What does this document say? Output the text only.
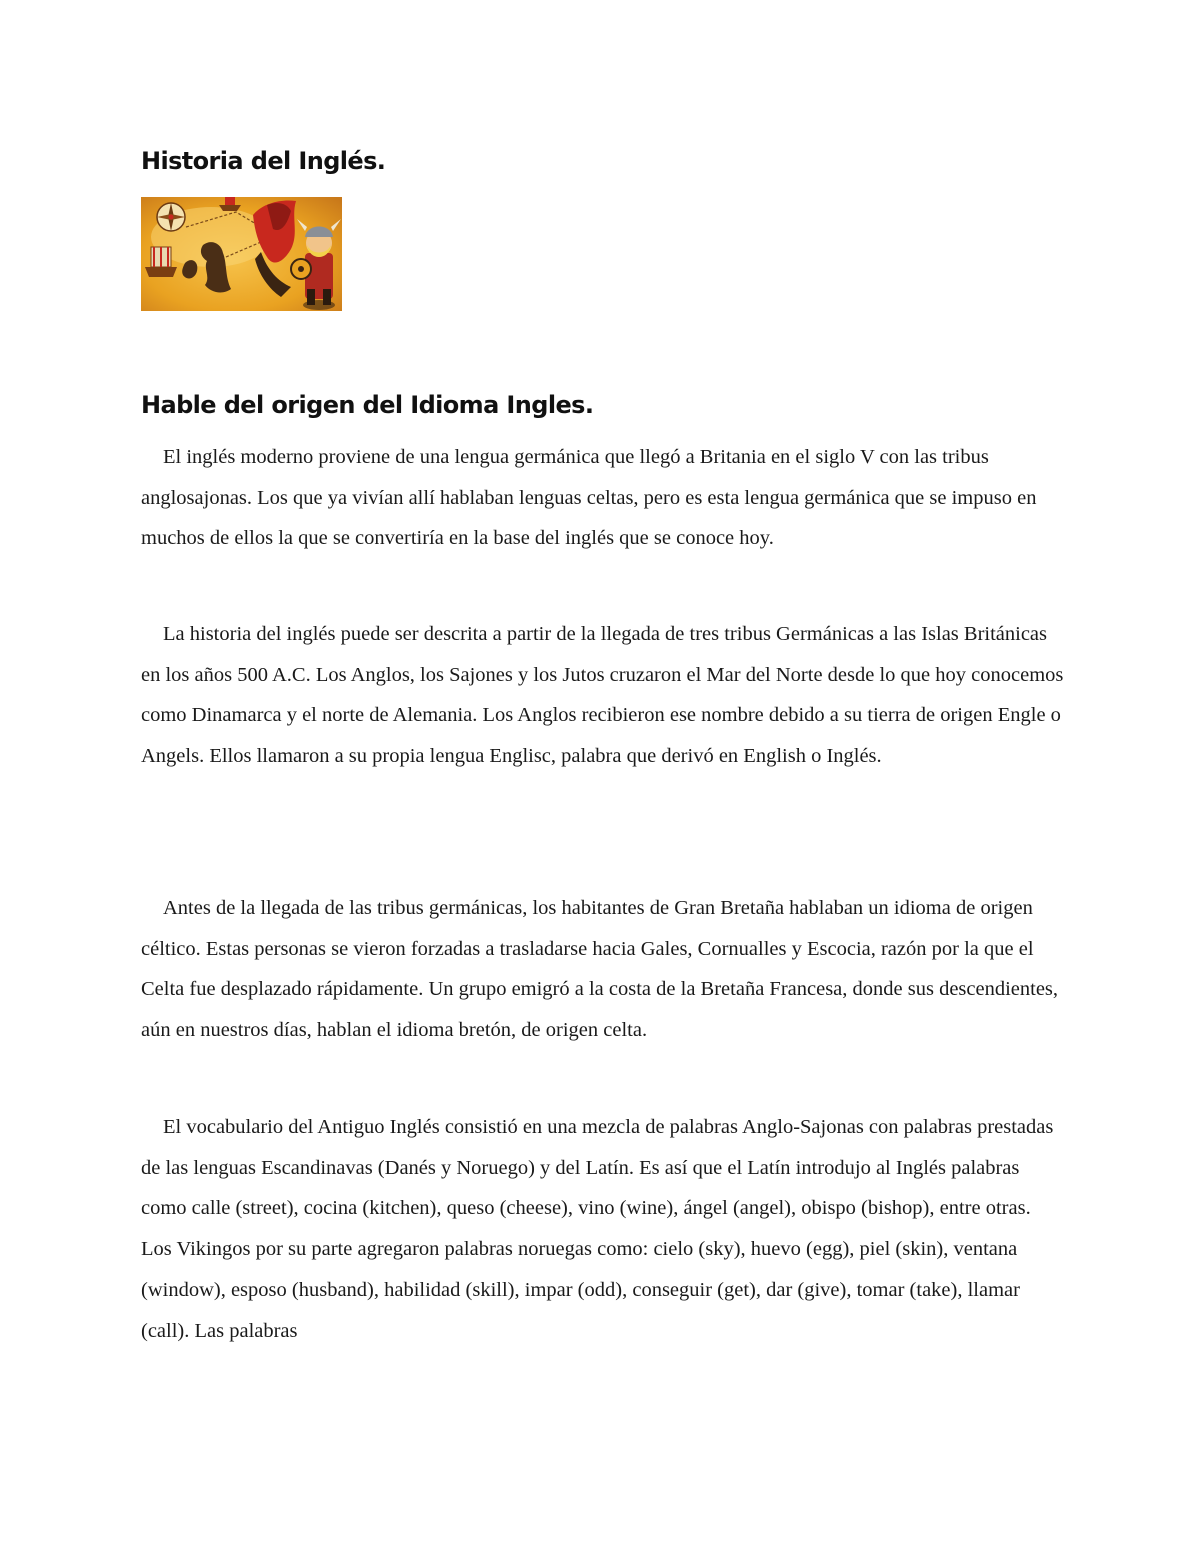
Historia del Inglés.
Hable del origen del Idioma Ingles.

El inglés moderno proviene de una lengua germánica que llegó a Britania en el siglo V con las tribus anglosajonas. Los que ya vivían allí hablaban lenguas celtas, pero es esta lengua germánica que se impuso en muchos de ellos la que se convertiría en la base del inglés que se conoce hoy.

La historia del inglés puede ser descrita a partir de la llegada de tres tribus Germánicas a las Islas Británicas en los años 500 A.C. Los Anglos, los Sajones y los Jutos cruzaron el Mar del Norte desde lo que hoy conocemos como Dinamarca y el norte de Alemania. Los Anglos recibieron ese nombre debido a su tierra de origen Engle o Angels. Ellos llamaron a su propia lengua Englisc, palabra que derivó en English o Inglés.

Antes de la llegada de las tribus germánicas, los habitantes de Gran Bretaña hablaban un idioma de origen céltico. Estas personas se vieron forzadas a trasladarse hacia Gales, Cornualles y Escocia, razón por la que el Celta fue desplazado rápidamente. Un grupo emigró a la costa de la Bretaña Francesa, donde sus descendientes, aún en nuestros días, hablan el idioma bretón, de origen celta.

El vocabulario del Antiguo Inglés consistió en una mezcla de palabras Anglo-Sajonas con palabras prestadas de las lenguas Escandinavas (Danés y Noruego) y del Latín. Es así que el Latín introdujo al Inglés palabras como calle (street), cocina (kitchen), queso (cheese), vino (wine), ángel (angel), obispo (bishop), entre otras. Los Vikingos por su parte agregaron palabras noruegas como: cielo (sky), huevo (egg), piel (skin), ventana (window), esposo (husband), habilidad (skill), impar (odd), conseguir (get), dar (give), tomar (take), llamar (call). Las palabras
